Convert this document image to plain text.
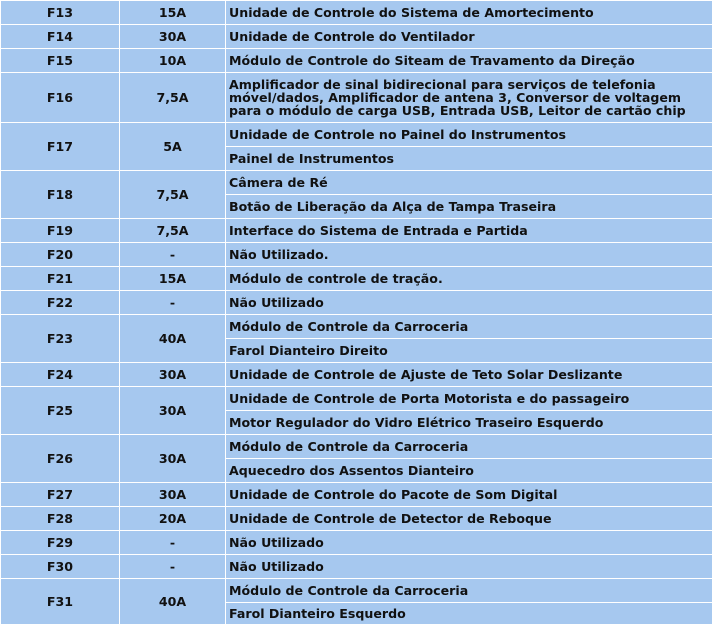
F13	15A	Unidade de Controle do Sistema de Amortecimento
F14	30A	Unidade de Controle do Ventilador
F15	10A	Módulo de Controle do Siteam de Travamento da Direção
F16	7,5A	Amplificador de sinal bidirecional para serviços de telefonia móvel/dados, Amplificador de antena 3, Conversor de voltagem para o módulo de carga USB, Entrada USB, Leitor de cartão chip
F17	5A	Unidade de Controle no Painel do Instrumentos
		Painel de Instrumentos
F18	7,5A	Câmera de Ré
		Botão de Liberação da Alça de Tampa Traseira
F19	7,5A	Interface do Sistema de Entrada e Partida
F20	-	Não Utilizado.
F21	15A	Módulo de controle de tração.
F22	-	Não Utilizado
F23	40A	Módulo de Controle da Carroceria
		Farol Dianteiro Direito
F24	30A	Unidade de Controle de Ajuste de Teto Solar Deslizante
F25	30A	Unidade de Controle de Porta Motorista e do passageiro
		Motor Regulador do Vidro Elétrico Traseiro Esquerdo
F26	30A	Módulo de Controle da Carroceria
		Aquecedro dos Assentos Dianteiro
F27	30A	Unidade de Controle do Pacote de Som Digital
F28	20A	Unidade de Controle de Detector de Reboque
F29	-	Não Utilizado
F30	-	Não Utilizado
F31	40A	Módulo de Controle da Carroceria
		Farol Dianteiro Esquerdo
